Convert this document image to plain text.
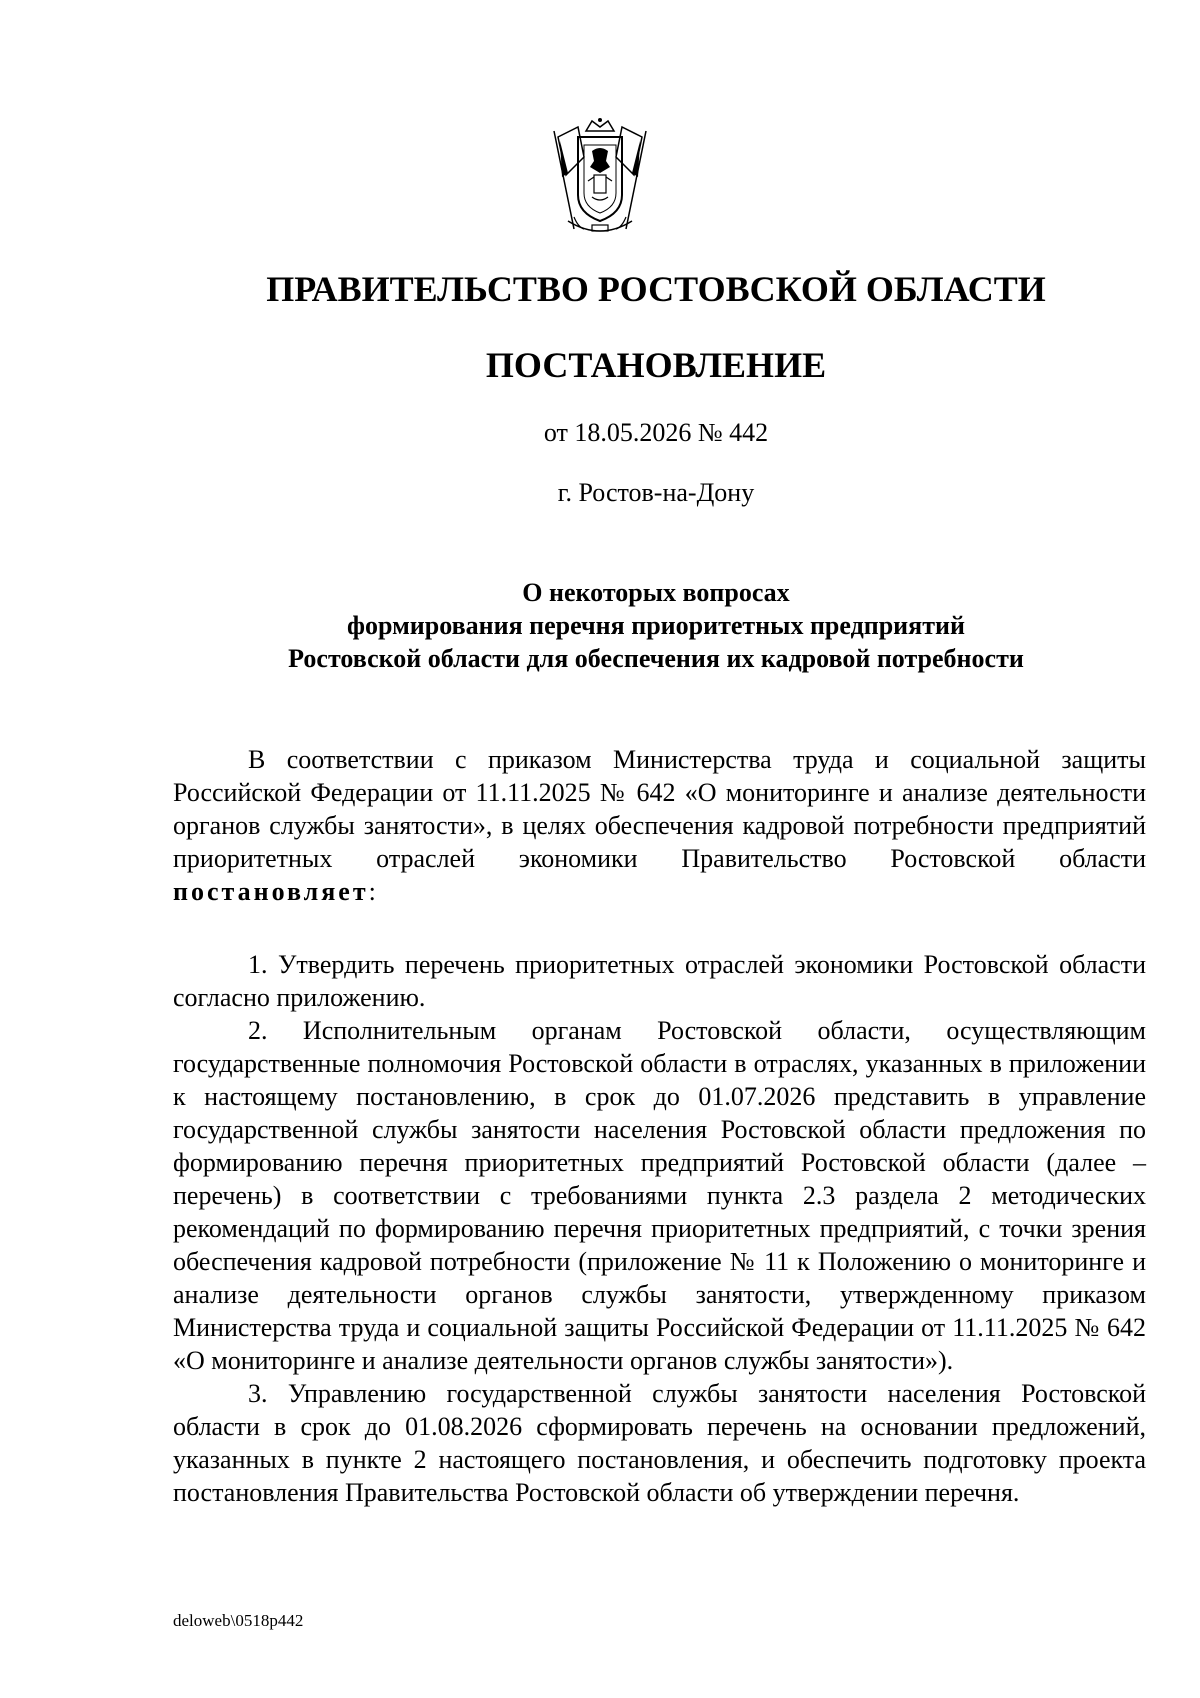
ПРАВИТЕЛЬСТВО РОСТОВСКОЙ ОБЛАСТИ
ПОСТАНОВЛЕНИЕ
от 18.05.2026 № 442
г. Ростов-на-Дону
О некоторых вопросах
формирования перечня приоритетных предприятий
Ростовской области для обеспечения их кадровой потребности

В соответствии с приказом Министерства труда и социальной защиты Российской Федерации от 11.11.2025 № 642 «О мониторинге и анализе деятельности органов службы занятости», в целях обеспечения кадровой потребности предприятий приоритетных отраслей экономики Правительство Ростовской области постановляет:

1. Утвердить перечень приоритетных отраслей экономики Ростовской области согласно приложению.

2. Исполнительным органам Ростовской области, осуществляющим государственные полномочия Ростовской области в отраслях, указанных в приложении к настоящему постановлению, в срок до 01.07.2026 представить в управление государственной службы занятости населения Ростовской области предложения по формированию перечня приоритетных предприятий Ростовской области (далее – перечень) в соответствии с требованиями пункта 2.3 раздела 2 методических рекомендаций по формированию перечня приоритетных предприятий, с точки зрения обеспечения кадровой потребности (приложение № 11 к Положению о мониторинге и анализе деятельности органов службы занятости, утвержденному приказом Министерства труда и социальной защиты Российской Федерации от 11.11.2025 № 642 «О мониторинге и анализе деятельности органов службы занятости»).

3. Управлению государственной службы занятости населения Ростовской области в срок до 01.08.2026 сформировать перечень на основании предложений, указанных в пункте 2 настоящего постановления, и обеспечить подготовку проекта постановления Правительства Ростовской области об утверждении перечня.

deloweb\0518p442
